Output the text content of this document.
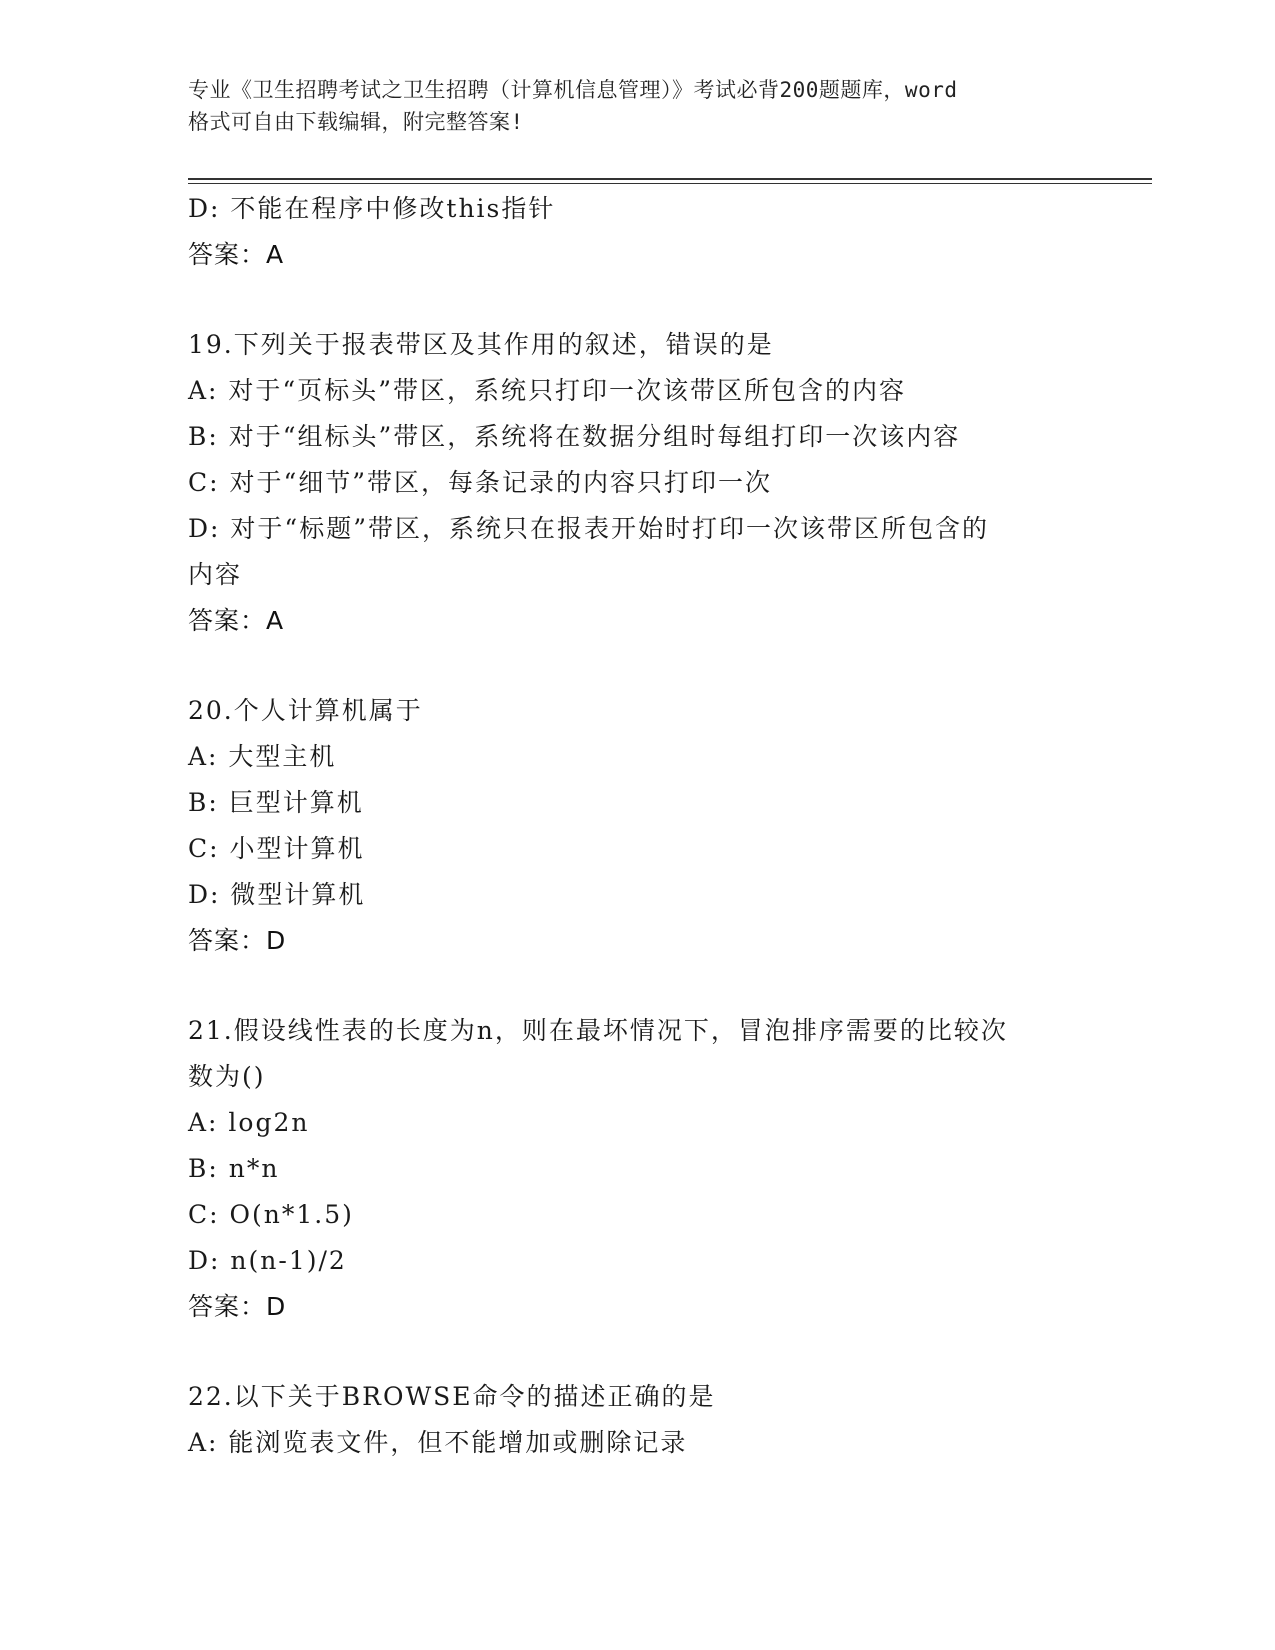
专业《卫生招聘考试之卫生招聘（计算机信息管理）》考试必背200题题库，word
格式可自由下载编辑，附完整答案!
D: 不能在程序中修改this指针
答案：A
19.下列关于报表带区及其作用的叙述，错误的是
A: 对于“页标头”带区，系统只打印一次该带区所包含的内容
B: 对于“组标头”带区，系统将在数据分组时每组打印一次该内容
C: 对于“细节”带区，每条记录的内容只打印一次
D: 对于“标题”带区，系统只在报表开始时打印一次该带区所包含的
内容
答案：A
20.个人计算机属于
A: 大型主机
B: 巨型计算机
C: 小型计算机
D: 微型计算机
答案：D
21.假设线性表的长度为n，则在最坏情况下，冒泡排序需要的比较次
数为()
A: log2n
B: n*n
C: O(n*1.5)
D: n(n-1)/2
答案：D
22.以下关于BROWSE命令的描述正确的是
A: 能浏览表文件，但不能增加或删除记录
